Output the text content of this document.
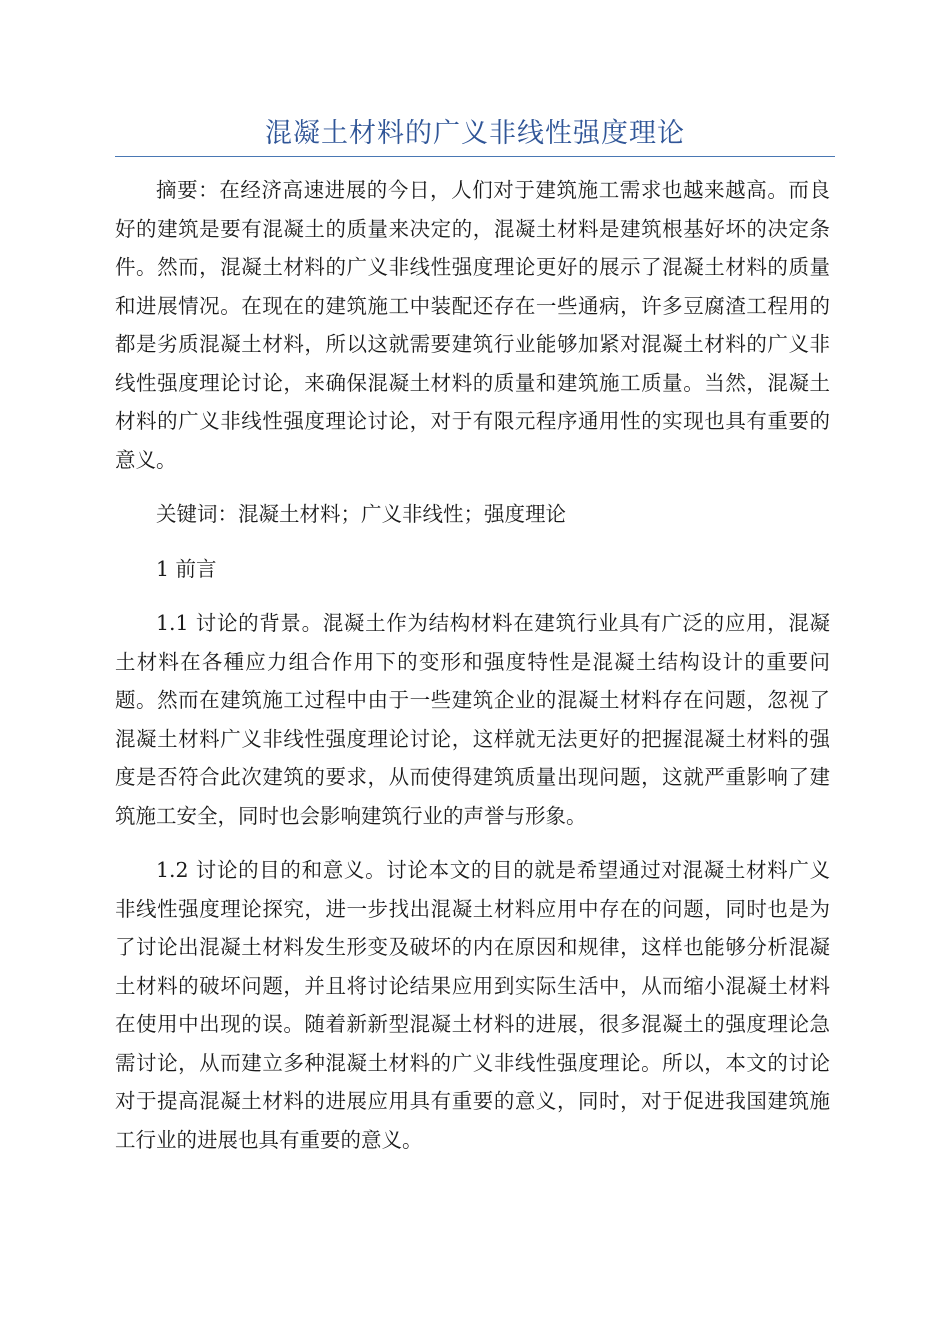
混凝土材料的广义非线性强度理论

摘要：在经济高速进展的今日，人们对于建筑施工需求也越来越高。而良好的建筑是要有混凝土的质量来决定的，混凝土材料是建筑根基好坏的决定条件。然而，混凝土材料的广义非线性强度理论更好的展示了混凝土材料的质量和进展情况。在现在的建筑施工中装配还存在一些通病，许多豆腐渣工程用的都是劣质混凝土材料，所以这就需要建筑行业能够加紧对混凝土材料的广义非线性强度理论讨论，来确保混凝土材料的质量和建筑施工质量。当然，混凝土材料的广义非线性强度理论讨论，对于有限元程序通用性的实现也具有重要的意义。

关键词：混凝土材料；广义非线性；强度理论

1 前言

1.1 讨论的背景。混凝土作为结构材料在建筑行业具有广泛的应用，混凝土材料在各種应力组合作用下的变形和强度特性是混凝土结构设计的重要问题。然而在建筑施工过程中由于一些建筑企业的混凝土材料存在问题，忽视了混凝土材料广义非线性强度理论讨论，这样就无法更好的把握混凝土材料的强度是否符合此次建筑的要求，从而使得建筑质量出现问题，这就严重影响了建筑施工安全，同时也会影响建筑行业的声誉与形象。

1.2 讨论的目的和意义。讨论本文的目的就是希望通过对混凝土材料广义非线性强度理论探究，进一步找出混凝土材料应用中存在的问题，同时也是为了讨论出混凝土材料发生形变及破坏的内在原因和规律，这样也能够分析混凝土材料的破坏问题，并且将讨论结果应用到实际生活中，从而缩小混凝土材料在使用中出现的误。随着新新型混凝土材料的进展，很多混凝土的强度理论急需讨论，从而建立多种混凝土材料的广义非线性强度理论。所以，本文的讨论对于提高混凝土材料的进展应用具有重要的意义，同时，对于促进我国建筑施工行业的进展也具有重要的意义。
